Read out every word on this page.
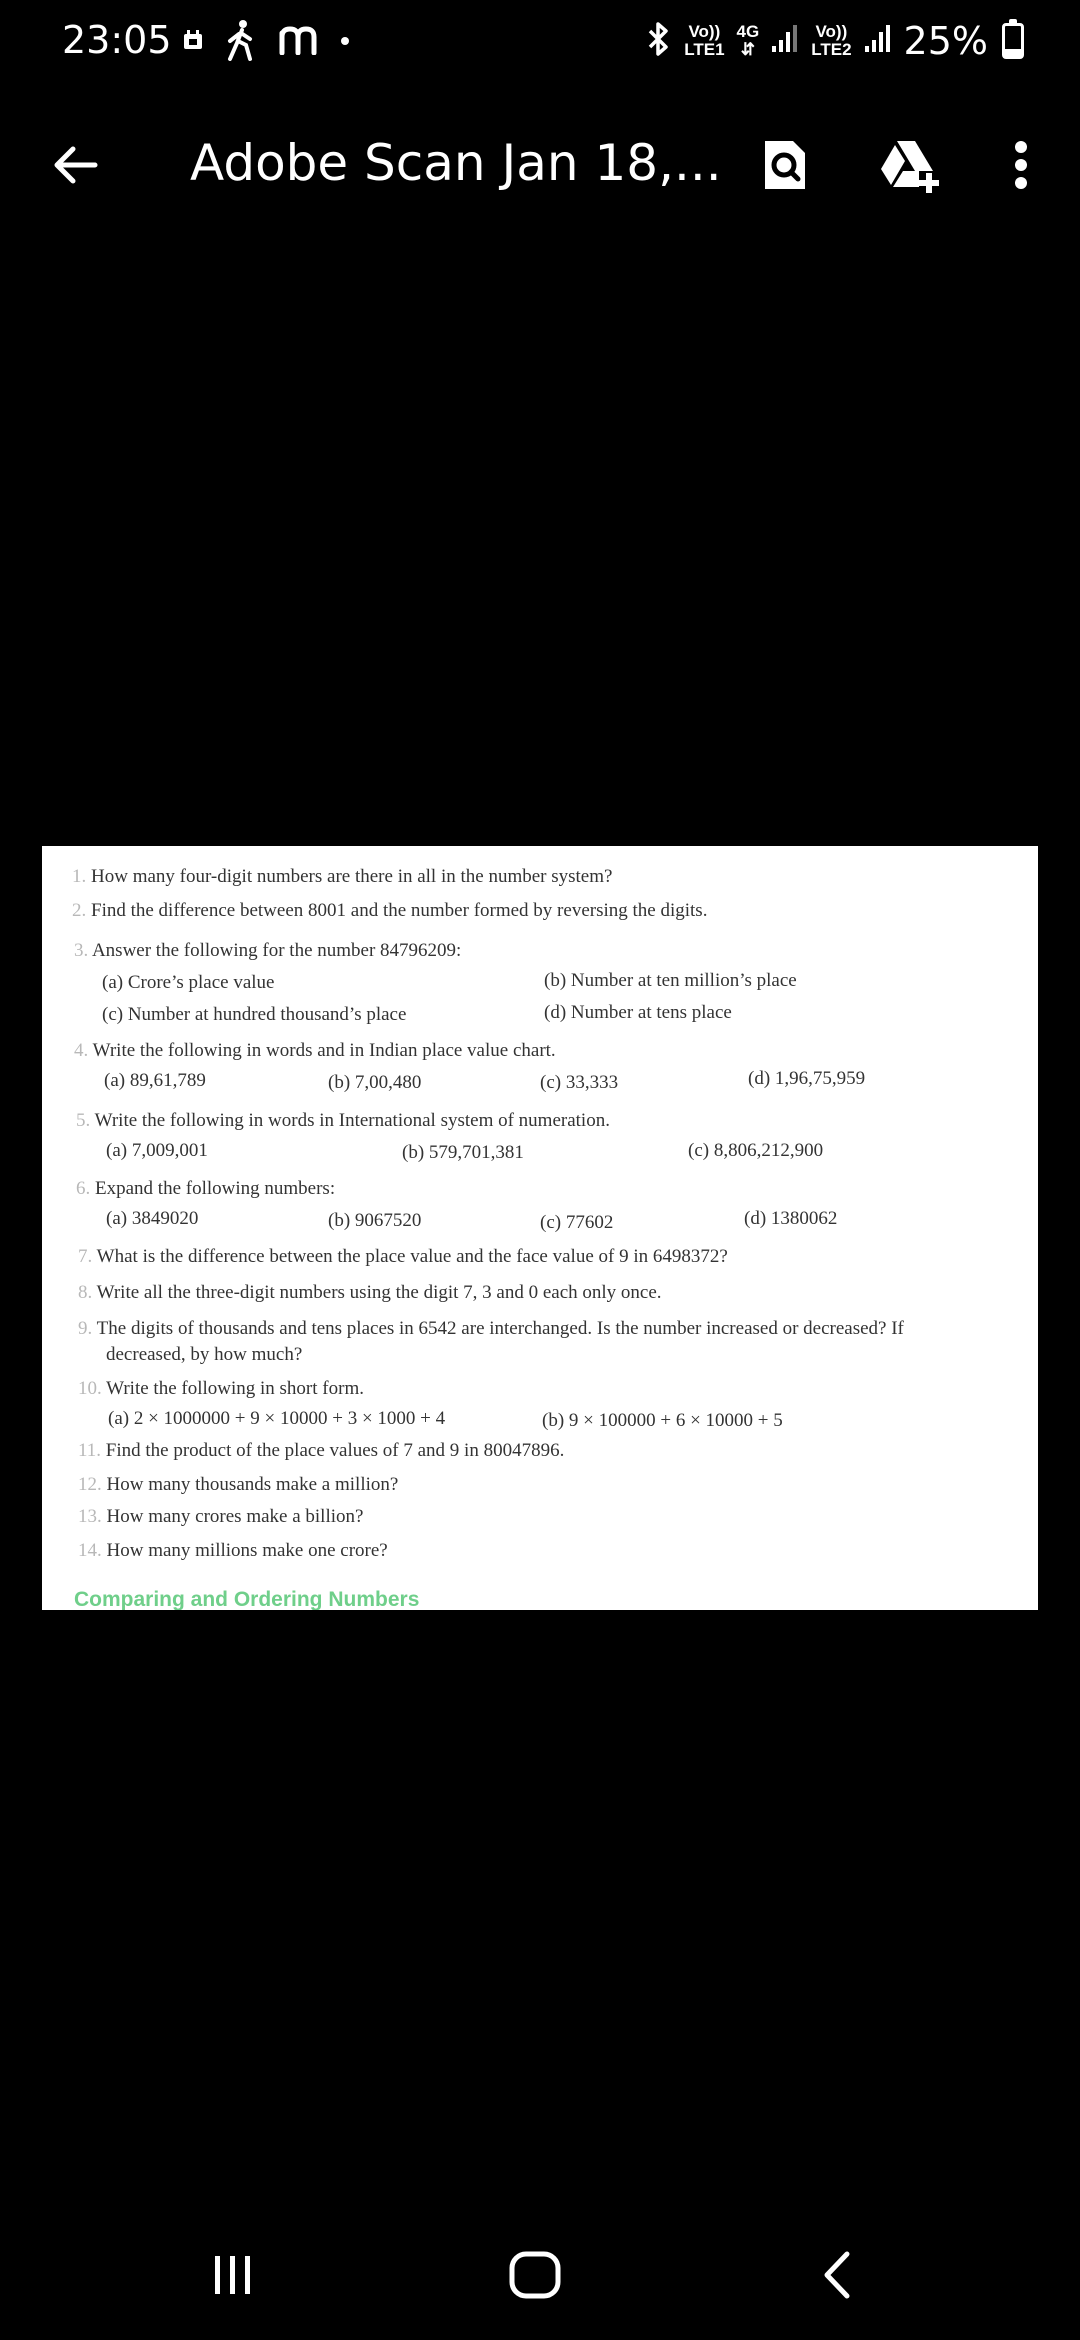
23:05	Vo))
LTE1
4G
⇵
Vo))
LTE2 25%
Adobe Scan Jan 18,...
1. How many four-digit numbers are there in all in the number system?
2. Find the difference between 8001 and the number formed by reversing the digits.
3. Answer the following for the number 84796209:
(a) Crore’s place value	(b) Number at ten million’s place
(c) Number at hundred thousand’s place	(d) Number at tens place
4. Write the following in words and in Indian place value chart.
(a) 89,61,789	(b) 7,00,480	(c) 33,333	(d) 1,96,75,959
5. Write the following in words in International system of numeration.
(a) 7,009,001	(b) 579,701,381	(c) 8,806,212,900
6. Expand the following numbers:
(a) 3849020	(b) 9067520	(c) 77602	(d) 1380062
7. What is the difference between the place value and the face value of 9 in 6498372?
8. Write all the three-digit numbers using the digit 7, 3 and 0 each only once.
9. The digits of thousands and tens places in 6542 are interchanged. Is the number increased or decreased? If
decreased, by how much?
10. Write the following in short form.
(a) 2 × 1000000 + 9 × 10000 + 3 × 1000 + 4	(b) 9 × 100000 + 6 × 10000 + 5
11. Find the product of the place values of 7 and 9 in 80047896.
12. How many thousands make a million?
13. How many crores make a billion?
14. How many millions make one crore?
Comparing and Ordering Numbers
